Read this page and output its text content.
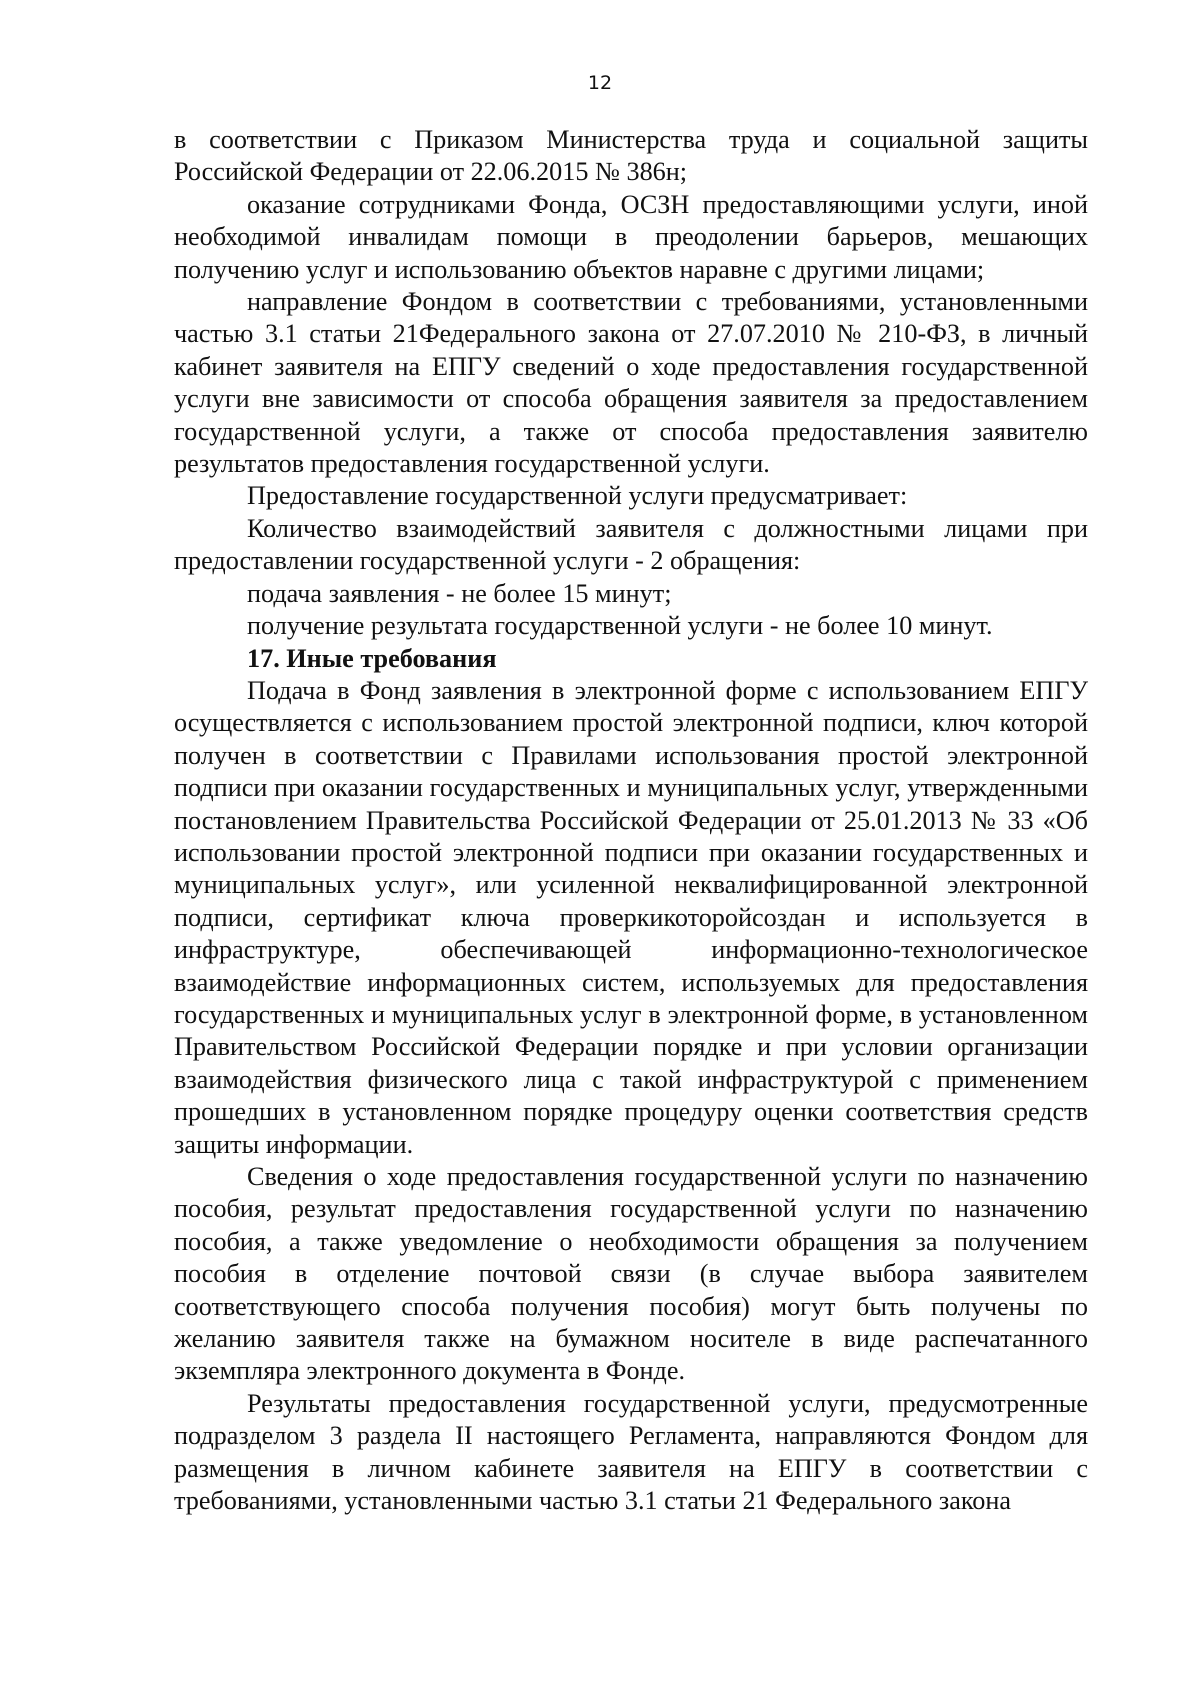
12

в соответствии с Приказом Министерства труда и социальной защиты Российской Федерации от 22.06.2015 № 386н;

оказание сотрудниками Фонда, ОСЗН предоставляющими услуги, иной необходимой инвалидам помощи в преодолении барьеров, мешающих получению услуг и использованию объектов наравне с другими лицами;

направление Фондом в соответствии с требованиями, установленными частью 3.1 статьи 21Федерального закона от 27.07.2010 № 210-ФЗ, в личный кабинет заявителя на ЕПГУ сведений о ходе предоставления государственной услуги вне зависимости от способа обращения заявителя за предоставлением государственной услуги, а также от способа предоставления заявителю результатов предоставления государственной услуги.

Предоставление государственной услуги предусматривает:

Количество взаимодействий заявителя с должностными лицами при предоставлении государственной услуги - 2 обращения:

подача заявления - не более 15 минут;

получение результата государственной услуги - не более 10 минут.

17. Иные требования

Подача в Фонд заявления в электронной форме с использованием ЕПГУ осуществляется с использованием простой электронной подписи, ключ которой получен в соответствии с Правилами использования простой электронной подписи при оказании государственных и муниципальных услуг, утвержденными постановлением Правительства Российской Федерации от 25.01.2013 № 33 «Об использовании простой электронной подписи при оказании государственных и муниципальных услуг», или усиленной неквалифицированной электронной подписи, сертификат ключа проверкикоторойсоздан и используется в инфраструктуре, обеспечивающей информационно-технологическое взаимодействие информационных систем, используемых для предоставления государственных и муниципальных услуг в электронной форме, в установленном Правительством Российской Федерации порядке и при условии организации взаимодействия физического лица с такой инфраструктурой с применением прошедших в установленном порядке процедуру оценки соответствия средств защиты информации.

Сведения о ходе предоставления государственной услуги по назначению пособия, результат предоставления государственной услуги по назначению пособия, а также уведомление о необходимости обращения за получением пособия в отделение почтовой связи (в случае выбора заявителем соответствующего способа получения пособия) могут быть получены по желанию заявителя также на бумажном носителе в виде распечатанного экземпляра электронного документа в Фонде.

Результаты предоставления государственной услуги, предусмотренные подразделом 3 раздела II настоящего Регламента, направляются Фондом для размещения в личном кабинете заявителя на ЕПГУ в соответствии с требованиями, установленными частью 3.1 статьи 21 Федерального закона
